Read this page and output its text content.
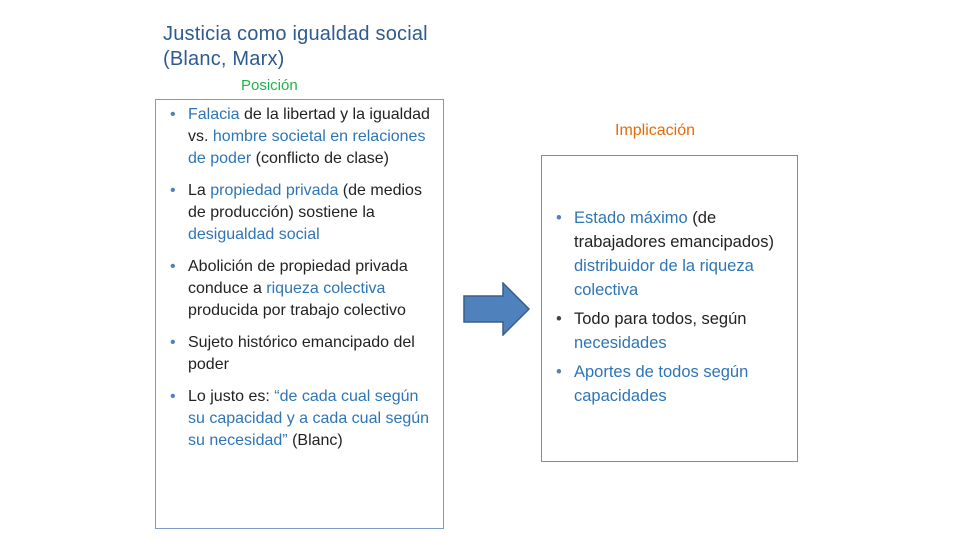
Justicia como igualdad social
(Blanc, Marx)
Posición
• Falacia de la libertad y la igualdad vs. hombre societal en relaciones de poder (conflicto de clase)
• La propiedad privada (de medios de producción) sostiene la desigualdad social
• Abolición de propiedad privada conduce a riqueza colectiva producida por trabajo colectivo
• Sujeto histórico emancipado del poder
• Lo justo es: “de cada cual según su capacidad y a cada cual según su necesidad” (Blanc)
Implicación
• Estado máximo (de trabajadores emancipados) distribuidor de la riqueza colectiva
• Todo para todos, según necesidades
• Aportes de todos según capacidades
